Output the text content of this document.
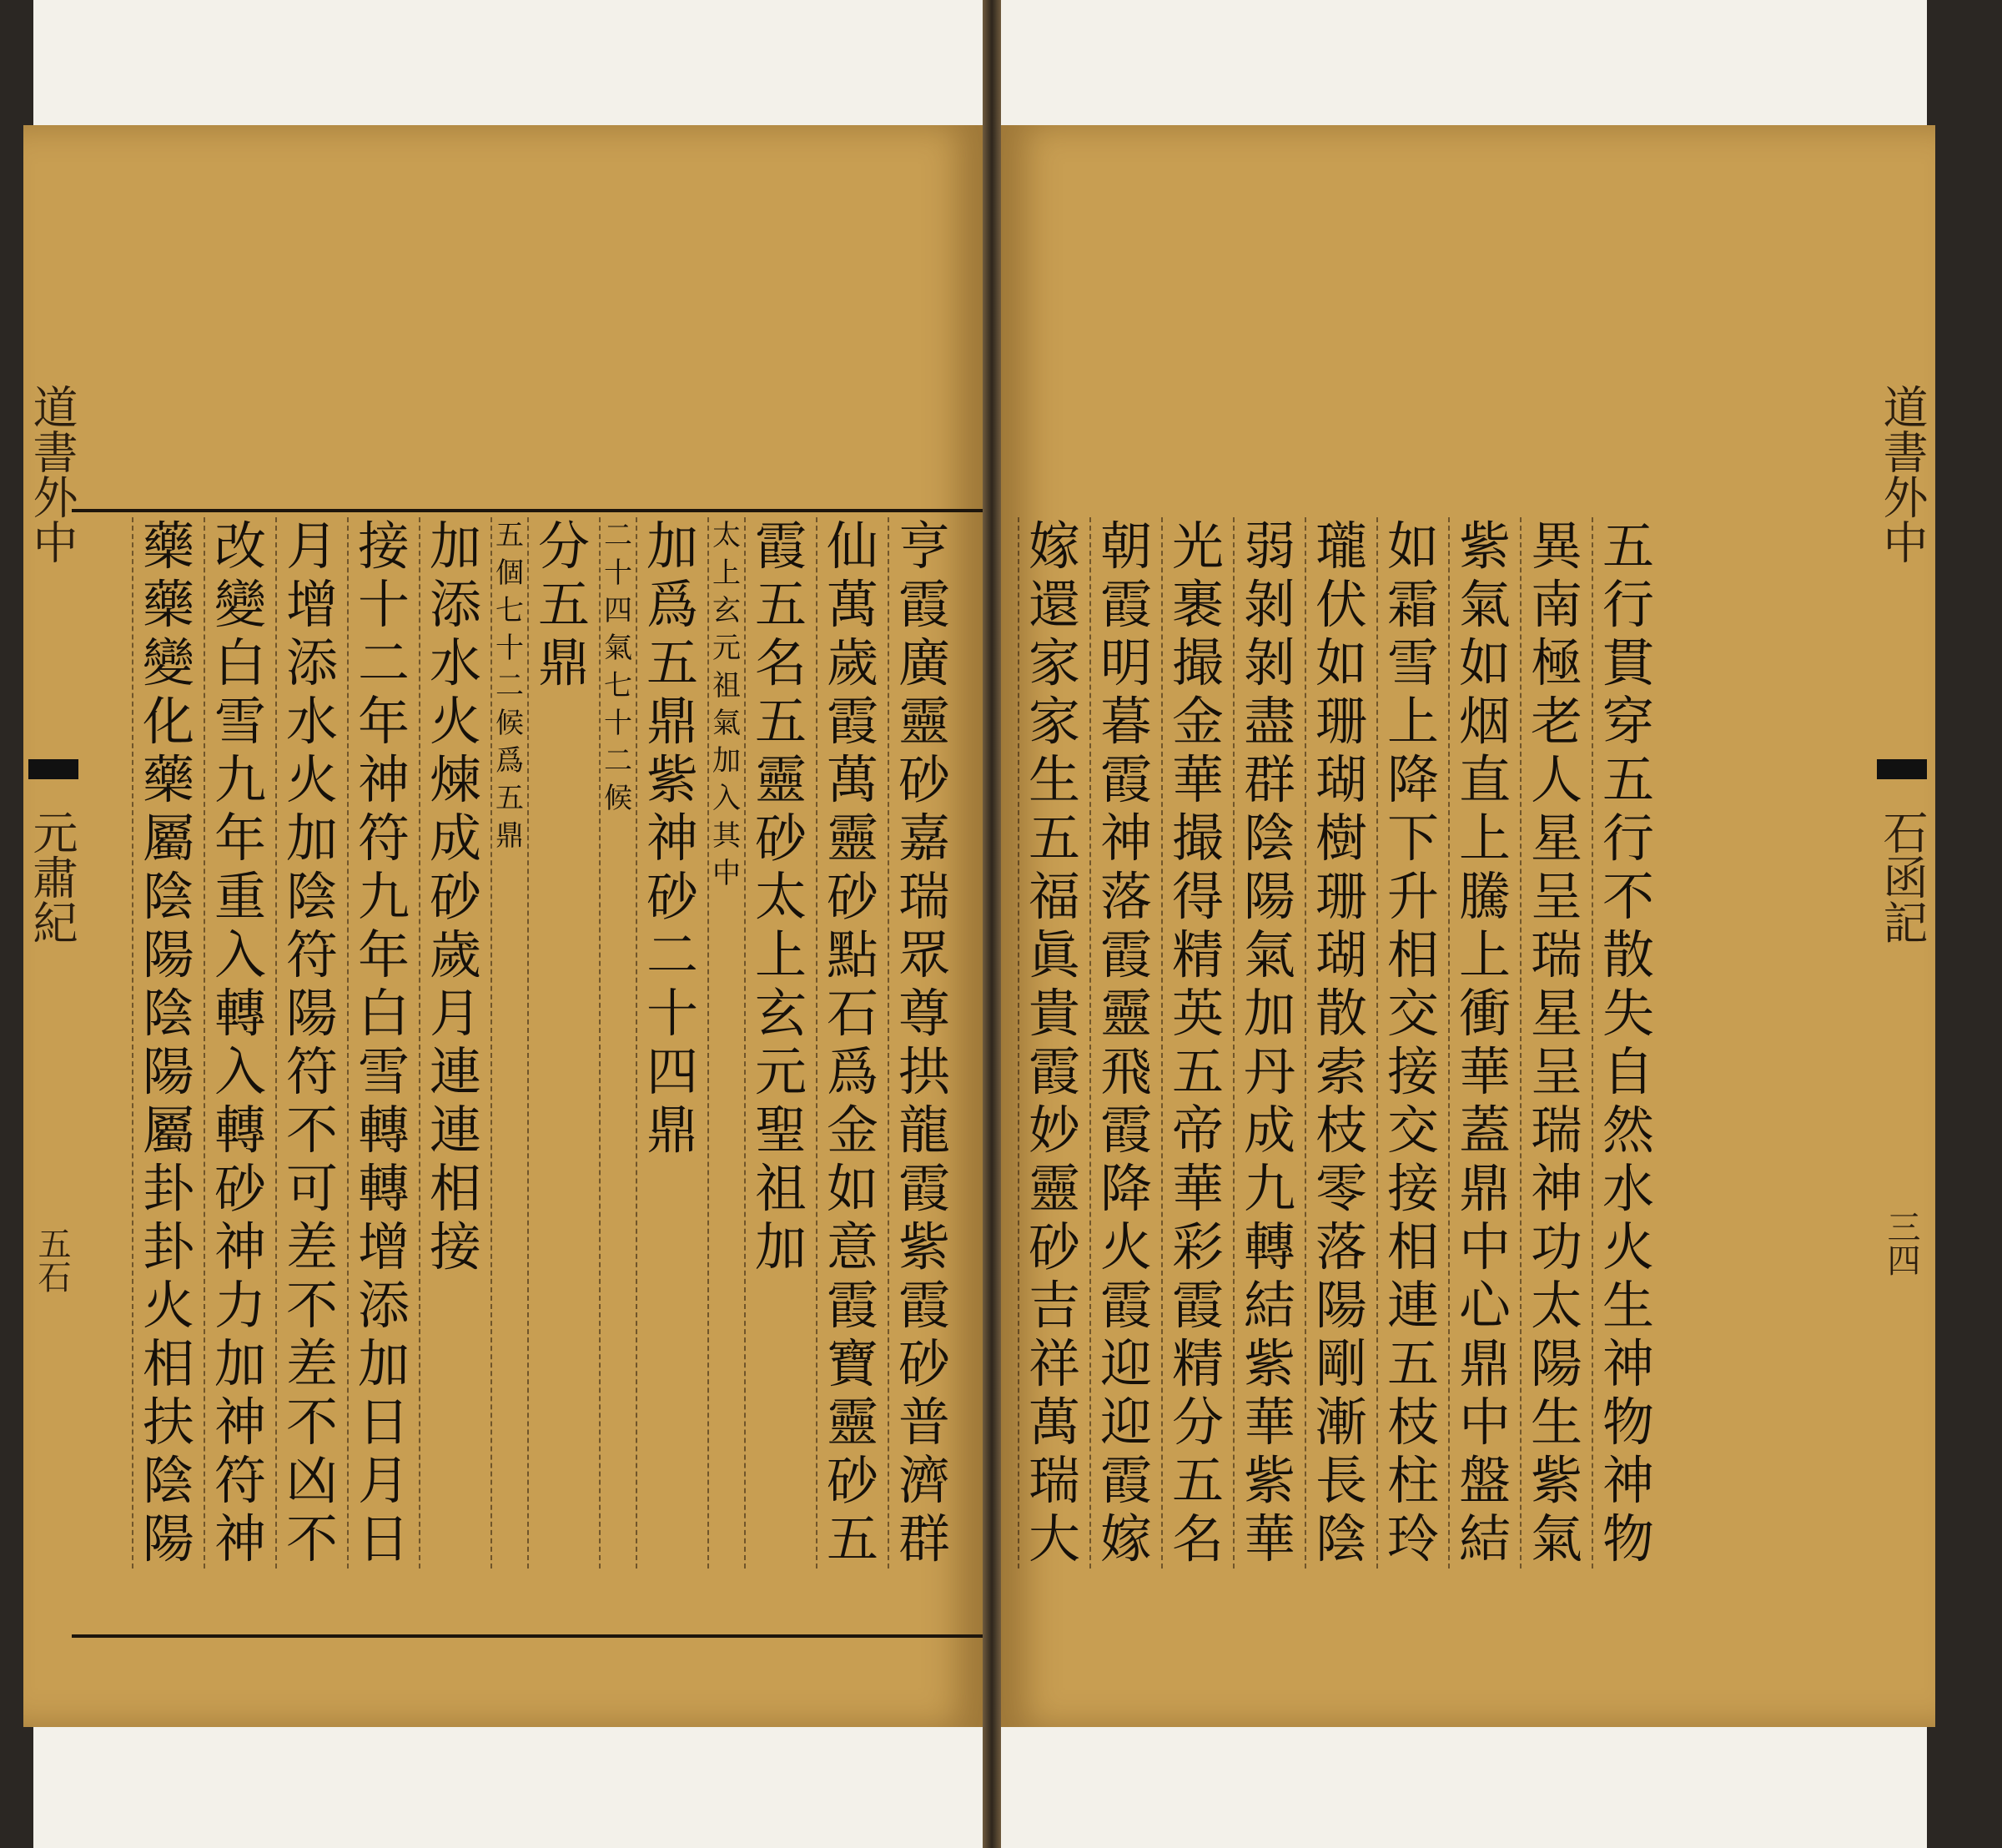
亨
霞
廣
靈
砂
嘉
瑞
眾
尊
拱
龍
霞
紫
霞
砂
普
濟
群
仙
萬
歲
霞
萬
靈
砂
點
石
爲
金
如
意
霞
寶
靈
砂
五
霞
五
名
五
靈
砂
太
上
玄
元
聖
祖
加
太
上
玄
元
祖
氣
加
入
其
中
加
爲
五
鼎
紫
神
砂
二
十
四
鼎
二
十
四
氣
七
十
二
候
分
五
鼎
五
個
七
十
二
候
爲
五
鼎
加
添
水
火
煉
成
砂
歲
月
連
連
相
接
接
十
二
年
神
符
九
年
白
雪
轉
轉
增
添
加
日
月
日
月
增
添
水
火
加
陰
符
陽
符
不
可
差
不
差
不
凶
不
改
變
白
雪
九
年
重
入
轉
入
轉
砂
神
力
加
神
符
神
藥
藥
變
化
藥
屬
陰
陽
陰
陽
屬
卦
卦
火
相
扶
陰
陽
道書外中
元肅紀
五石
五
行
貫
穿
五
行
不
散
失
自
然
水
火
生
神
物
神
物
異
南
極
老
人
星
呈
瑞
星
呈
瑞
神
功
太
陽
生
紫
氣
紫
氣
如
烟
直
上
騰
上
衝
華
蓋
鼎
中
心
鼎
中
盤
結
如
霜
雪
上
降
下
升
相
交
接
交
接
相
連
五
枝
柱
玲
瓏
伏
如
珊
瑚
樹
珊
瑚
散
索
枝
零
落
陽
剛
漸
長
陰
弱
剝
剝
盡
群
陰
陽
氣
加
丹
成
九
轉
結
紫
華
紫
華
光
裹
撮
金
華
撮
得
精
英
五
帝
華
彩
霞
精
分
五
名
朝
霞
明
暮
霞
神
落
霞
靈
飛
霞
降
火
霞
迎
迎
霞
嫁
嫁
還
家
家
生
五
福
眞
貴
霞
妙
靈
砂
吉
祥
萬
瑞
大
道書外中
石函記
三四
